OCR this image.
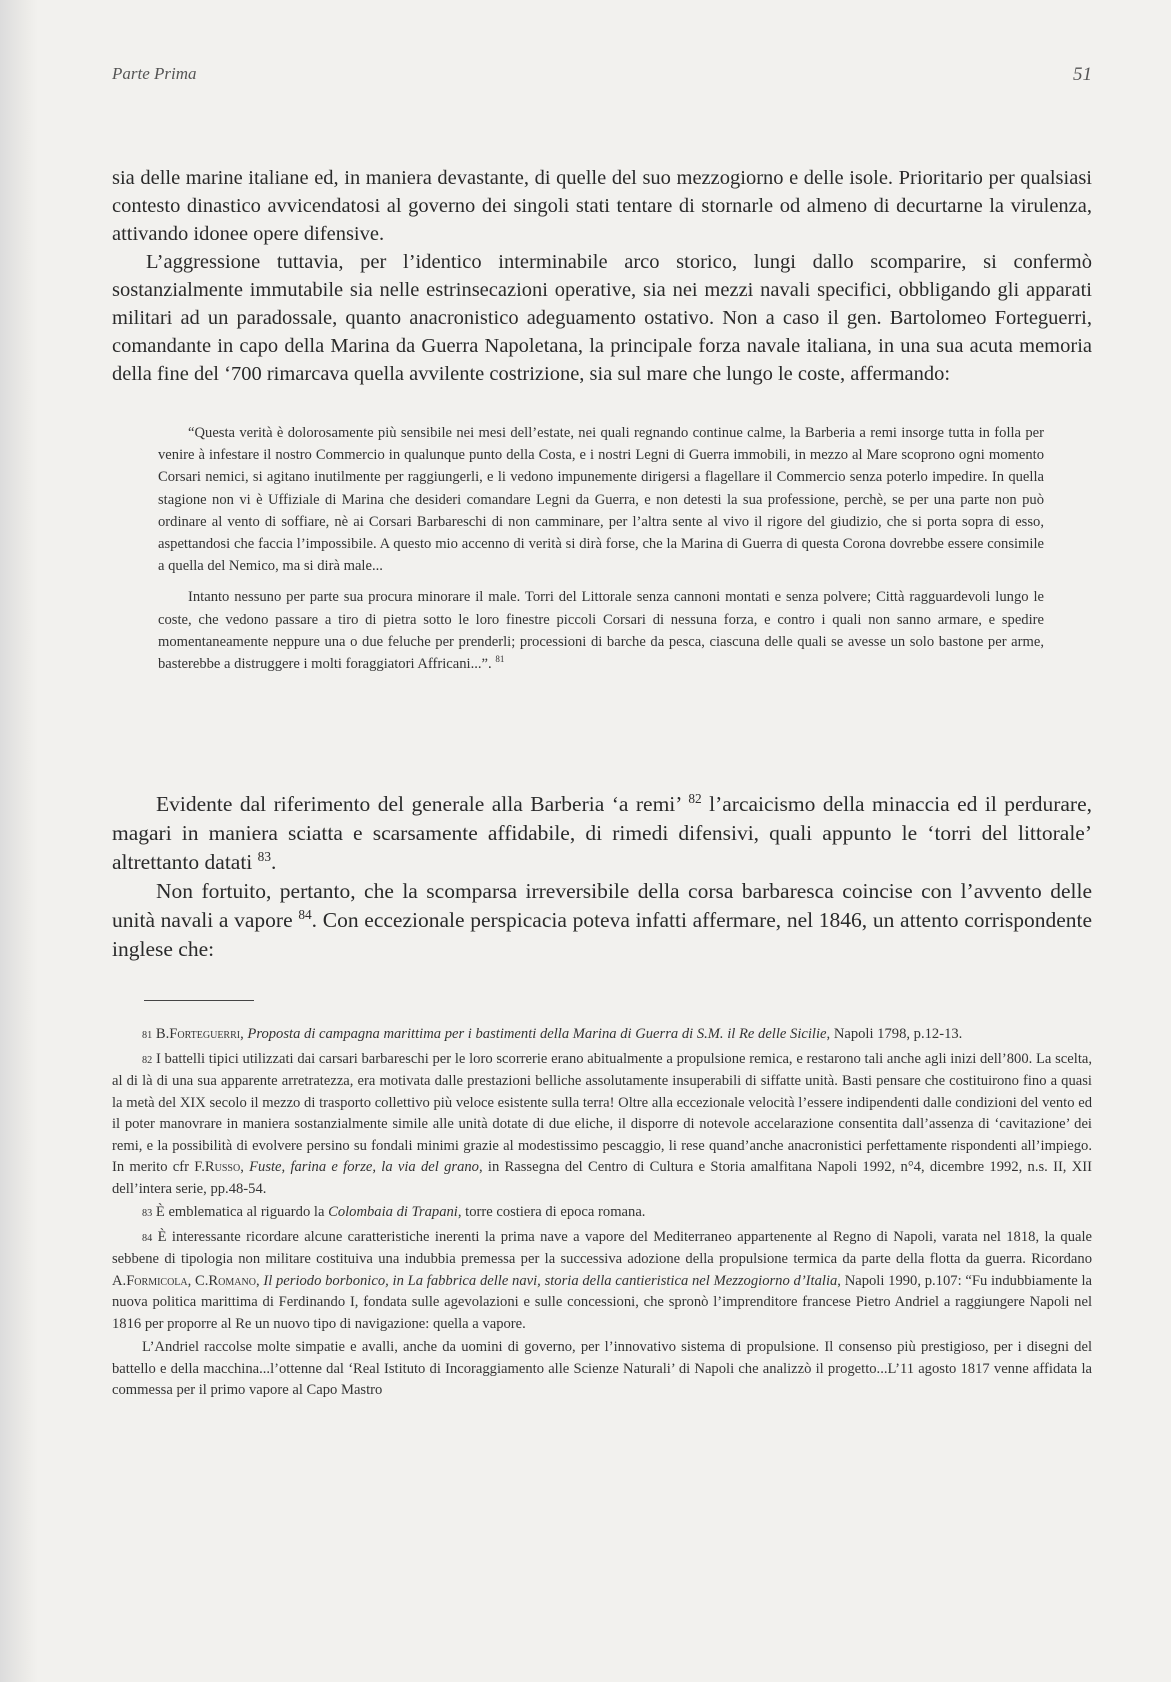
Parte Prima	51

sia delle marine italiane ed, in maniera devastante, di quelle del suo mezzogiorno e delle isole. Prioritario per qualsiasi contesto dinastico avvicendatosi al governo dei singoli stati tentare di stornarle od almeno di decurtarne la virulenza, attivando idonee opere difensive.

L’aggressione tuttavia, per l’identico interminabile arco storico, lungi dallo scomparire, si confermò sostanzialmente immutabile sia nelle estrinsecazioni operative, sia nei mezzi navali specifici, obbligando gli apparati militari ad un paradossale, quanto anacronistico adeguamento ostativo. Non a caso il gen. Bartolomeo Forteguerri, comandante in capo della Marina da Guerra Napoletana, la principale forza navale italiana, in una sua acuta memoria della fine del ‘700 rimarcava quella avvilente costrizione, sia sul mare che lungo le coste, affermando:

“Questa verità è dolorosamente più sensibile nei mesi dell’estate, nei quali regnando continue calme, la Barberia a remi insorge tutta in folla per venire à infestare il nostro Commercio in qualunque punto della Costa, e i nostri Legni di Guerra immobili, in mezzo al Mare scoprono ogni momento Corsari nemici, si agitano inutilmente per raggiungerli, e li vedono impunemente dirigersi a flagellare il Commercio senza poterlo impedire. In quella stagione non vi è Uffiziale di Marina che desideri comandare Legni da Guerra, e non detesti la sua professione, perchè, se per una parte non può ordinare al vento di soffiare, nè ai Corsari Barbareschi di non camminare, per l’altra sente al vivo il rigore del giudizio, che si porta sopra di esso, aspettandosi che faccia l’impossibile. A questo mio accenno di verità si dirà forse, che la Marina di Guerra di questa Corona dovrebbe essere consimile a quella del Nemico, ma si dirà male...

Intanto nessuno per parte sua procura minorare il male. Torri del Littorale senza cannoni montati e senza polvere; Città ragguardevoli lungo le coste, che vedono passare a tiro di pietra sotto le loro finestre piccoli Corsari di nessuna forza, e contro i quali non sanno armare, e spedire momentaneamente neppure una o due feluche per prenderli; processioni di barche da pesca, ciascuna delle quali se avesse un solo bastone per arme, basterebbe a distruggere i molti foraggiatori Affricani...”. $^{81}$

Evidente dal riferimento del generale alla Barberia ‘a remi’ $^{82}$ l’arcaicismo della minaccia ed il perdurare, magari in maniera sciatta e scarsamente affidabile, di rimedi difensivi, quali appunto le ‘torri del littorale’ altrettanto datati $^{83}$.

Non fortuito, pertanto, che la scomparsa irreversibile della corsa barbaresca coincise con l’avvento delle unità navali a vapore $^{84}$. Con eccezionale perspicacia poteva infatti affermare, nel 1846, un attento corrispondente inglese che:

81 B.Forteguerri, Proposta di campagna marittima per i bastimenti della Marina di Guerra di S.M. il Re delle Sicilie, Napoli 1798, p.12-13.

82 I battelli tipici utilizzati dai carsari barbareschi per le loro scorrerie erano abitualmente a propulsione remica, e restarono tali anche agli inizi dell’800. La scelta, al di là di una sua apparente arretratezza, era motivata dalle prestazioni belliche assolutamente insuperabili di siffatte unità. Basti pensare che costituirono fino a quasi la metà del XIX secolo il mezzo di trasporto collettivo più veloce esistente sulla terra! Oltre alla eccezionale velocità l’essere indipendenti dalle condizioni del vento ed il poter manovrare in maniera sostanzialmente simile alle unità dotate di due eliche, il disporre di notevole accelarazione consentita dall’assenza di ‘cavitazione’ dei remi, e la possibilità di evolvere persino su fondali minimi grazie al modestissimo pescaggio, li rese quand’anche anacronistici perfettamente rispondenti all’impiego. In merito cfr F.Russo, Fuste, farina e forze, la via del grano, in Rassegna del Centro di Cultura e Storia amalfitana Napoli 1992, n°4, dicembre 1992, n.s. II, XII dell’intera serie, pp.48-54.

83 È emblematica al riguardo la Colombaia di Trapani, torre costiera di epoca romana.

84 È interessante ricordare alcune caratteristiche inerenti la prima nave a vapore del Mediterraneo appartenente al Regno di Napoli, varata nel 1818, la quale sebbene di tipologia non militare costituiva una indubbia premessa per la successiva adozione della propulsione termica da parte della flotta da guerra. Ricordano A.Formicola, C.Romano, Il periodo borbonico, in La fabbrica delle navi, storia della cantieristica nel Mezzogiorno d’Italia, Napoli 1990, p.107: “Fu indubbiamente la nuova politica marittima di Ferdinando I, fondata sulle agevolazioni e sulle concessioni, che spronò l’imprenditore francese Pietro Andriel a raggiungere Napoli nel 1816 per proporre al Re un nuovo tipo di navigazione: quella a vapore.

L’Andriel raccolse molte simpatie e avalli, anche da uomini di governo, per l’innovativo sistema di propulsione. Il consenso più prestigioso, per i disegni del battello e della macchina...l’ottenne dal ‘Real Istituto di Incoraggiamento alle Scienze Naturali’ di Napoli che analizzò il progetto...L’11 agosto 1817 venne affidata la commessa per il primo vapore al Capo Mastro
